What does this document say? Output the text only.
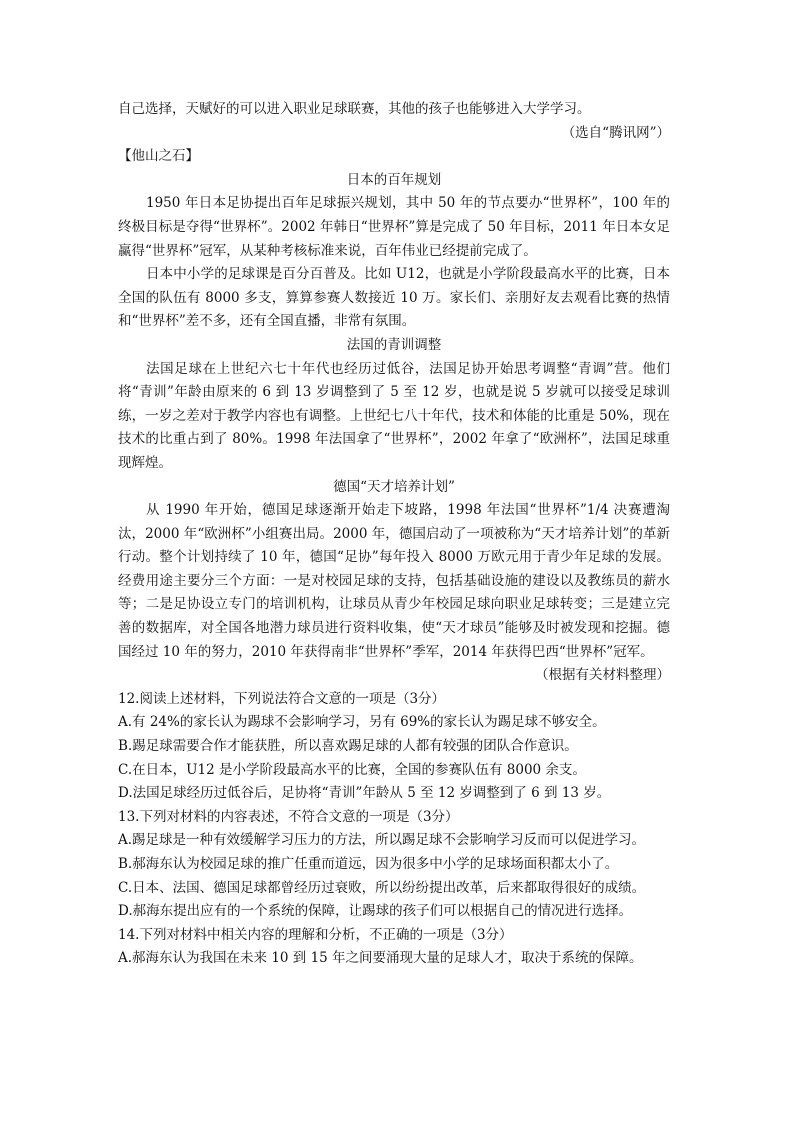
自己选择，天赋好的可以进入职业足球联赛，其他的孩子也能够进入大学学习。

（选自“腾讯网”）

【他山之石】

日本的百年规划

1950 年日本足协提出百年足球振兴规划，其中 50 年的节点要办“世界杯”，100 年的终极目标是夺得“世界杯”。2002 年韩日“世界杯”算是完成了 50 年目标，2011 年日本女足赢得“世界杯”冠军，从某种考核标准来说，百年伟业已经提前完成了。

日本中小学的足球课是百分百普及。比如 U12，也就是小学阶段最高水平的比赛，日本全国的队伍有 8000 多支，算算参赛人数接近 10 万。家长们、亲朋好友去观看比赛的热情和“世界杯”差不多，还有全国直播，非常有氛围。

法国的青训调整

法国足球在上世纪六七十年代也经历过低谷，法国足协开始思考调整“青调”营。他们将“青训”年龄由原来的 6 到 13 岁调整到了 5 至 12 岁，也就是说 5 岁就可以接受足球训练，一岁之差对于教学内容也有调整。上世纪七八十年代，技术和体能的比重是 50%，现在技术的比重占到了 80%。1998 年法国拿了“世界杯”，2002 年拿了“欧洲杯”，法国足球重现辉煌。

德国“天才培养计划”

从 1990 年开始，德国足球逐渐开始走下坡路，1998 年法国“世界杯”1/4 决赛遭淘汰，2000 年“欧洲杯”小组赛出局。2000 年，德国启动了一项被称为“天才培养计划”的革新行动。整个计划持续了 10 年，德国“足协”每年投入 8000 万欧元用于青少年足球的发展。经费用途主要分三个方面：一是对校园足球的支持，包括基础设施的建设以及教练员的薪水等；二是足协设立专门的培训机构，让球员从青少年校园足球向职业足球转变；三是建立完善的数据库，对全国各地潜力球员进行资料收集，使“天才球员”能够及时被发现和挖掘。德国经过 10 年的努力，2010 年获得南非“世界杯”季军，2014 年获得巴西“世界杯”冠军。

（根据有关材料整理）

12.阅读上述材料，下列说法符合文意的一项是（3分）

A.有 24%的家长认为踢球不会影响学习，另有 69%的家长认为踢足球不够安全。

B.踢足球需要合作才能获胜，所以喜欢踢足球的人都有较强的团队合作意识。

C.在日本，U12 是小学阶段最高水平的比赛，全国的参赛队伍有 8000 余支。

D.法国足球经历过低谷后，足协将“青训”年龄从 5 至 12 岁调整到了 6 到 13 岁。

13.下列对材料的内容表述，不符合文意的一项是（3分）

A.踢足球是一种有效缓解学习压力的方法，所以踢足球不会影响学习反而可以促进学习。

B.郝海东认为校园足球的推广任重而道远，因为很多中小学的足球场面积都太小了。

C.日本、法国、德国足球都曾经历过衰败，所以纷纷提出改革，后来都取得很好的成绩。

D.郝海东提出应有的一个系统的保障，让踢球的孩子们可以根据自己的情况进行选择。

14.下列对材料中相关内容的理解和分析，不正确的一项是（3分）

A.郝海东认为我国在未来 10 到 15 年之间要涌现大量的足球人才，取决于系统的保障。
